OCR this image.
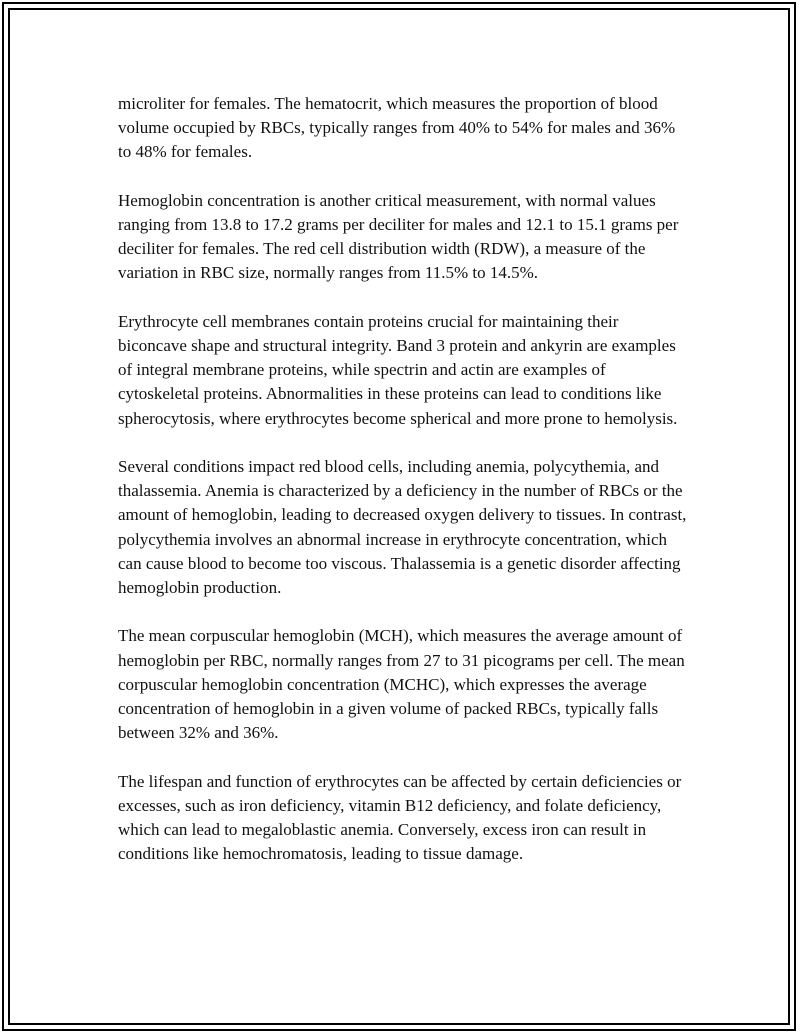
microliter for females. The hematocrit, which measures the proportion of blood volume occupied by RBCs, typically ranges from 40% to 54% for males and 36% to 48% for females.

Hemoglobin concentration is another critical measurement, with normal values ranging from 13.8 to 17.2 grams per deciliter for males and 12.1 to 15.1 grams per deciliter for females. The red cell distribution width (RDW), a measure of the variation in RBC size, normally ranges from 11.5% to 14.5%.

Erythrocyte cell membranes contain proteins crucial for maintaining their biconcave shape and structural integrity. Band 3 protein and ankyrin are examples of integral membrane proteins, while spectrin and actin are examples of cytoskeletal proteins. Abnormalities in these proteins can lead to conditions like spherocytosis, where erythrocytes become spherical and more prone to hemolysis.

Several conditions impact red blood cells, including anemia, polycythemia, and thalassemia. Anemia is characterized by a deficiency in the number of RBCs or the amount of hemoglobin, leading to decreased oxygen delivery to tissues. In contrast, polycythemia involves an abnormal increase in erythrocyte concentration, which can cause blood to become too viscous. Thalassemia is a genetic disorder affecting hemoglobin production.

The mean corpuscular hemoglobin (MCH), which measures the average amount of hemoglobin per RBC, normally ranges from 27 to 31 picograms per cell. The mean corpuscular hemoglobin concentration (MCHC), which expresses the average concentration of hemoglobin in a given volume of packed RBCs, typically falls between 32% and 36%.

The lifespan and function of erythrocytes can be affected by certain deficiencies or excesses, such as iron deficiency, vitamin B12 deficiency, and folate deficiency, which can lead to megaloblastic anemia. Conversely, excess iron can result in conditions like hemochromatosis, leading to tissue damage.
